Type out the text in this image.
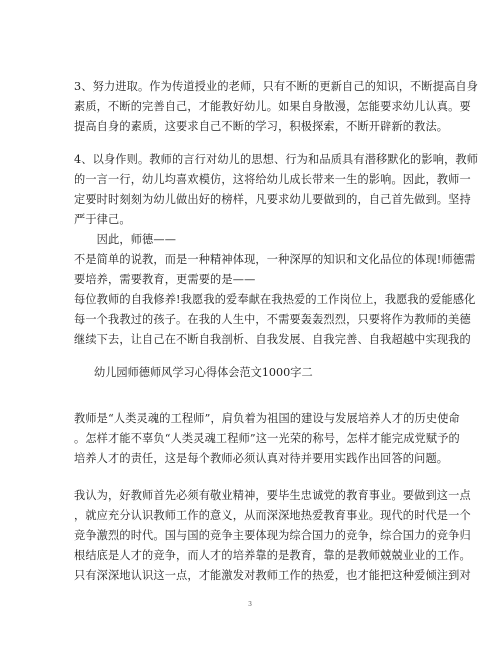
3、努力进取。作为传道授业的老师，只有不断的更新自己的知识，不断提高自身
素质，不断的完善自己，才能教好幼儿。如果自身散漫，怎能要求幼儿认真。要
提高自身的素质，这要求自己不断的学习，积极探索，不断开辟新的教法。
4、以身作则。教师的言行对幼儿的思想、行为和品质具有潜移默化的影响，教师
的一言一行，幼儿均喜欢模仿，这将给幼儿成长带来一生的影响。因此，教师一
定要时时刻刻为幼儿做出好的榜样，凡要求幼儿要做到的，自己首先做到。坚持
严于律己。
　　因此，师德——
不是简单的说教，而是一种精神体现，一种深厚的知识和文化品位的体现!师德需
要培养，需要教育，更需要的是——
每位教师的自我修养!我愿我的爱奉献在我热爱的工作岗位上，我愿我的爱能感化
每一个我教过的孩子。在我的人生中，不需要轰轰烈烈，只要将作为教师的美德
继续下去，让自己在不断自我剖析、自我发展、自我完善、自我超越中实现我的
幼儿园师德师风学习心得体会范文1000字二
教师是“人类灵魂的工程师”，肩负着为祖国的建设与发展培养人才的历史使命
。怎样才能不辜负“人类灵魂工程师”这一光荣的称号，怎样才能完成党赋予的
培养人才的责任，这是每个教师必须认真对待并要用实践作出回答的问题。
我认为，好教师首先必须有敬业精神，要毕生忠诚党的教育事业。要做到这一点
，就应充分认识教师工作的意义，从而深深地热爱教育事业。现代的时代是一个
竞争激烈的时代。国与国的竞争主要体现为综合国力的竞争，综合国力的竞争归
根结底是人才的竞争，而人才的培养靠的是教育，靠的是教师兢兢业业的工作。
只有深深地认识这一点，才能激发对教师工作的热爱，也才能把这种爱倾注到对
3
